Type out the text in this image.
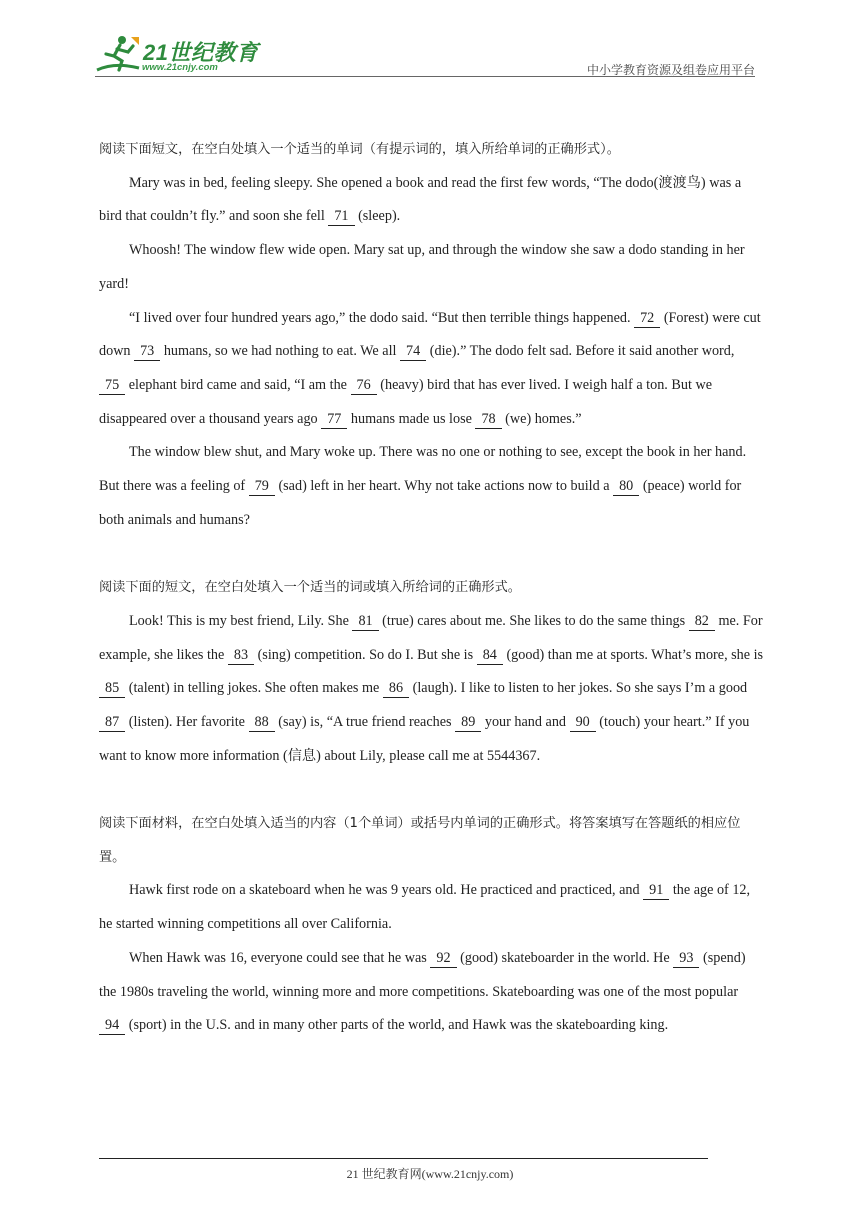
21世纪教育
www.21cnjy.com	中小学教育资源及组卷应用平台

阅读下面短文，在空白处填入一个适当的单词（有提示词的，填入所给单词的正确形式）。

Mary was in bed, feeling sleepy. She opened a book and read the first few words, “The dodo(渡渡鸟) was a bird that couldn’t fly.” and soon she fell 71 (sleep).

Whoosh! The window flew wide open. Mary sat up, and through the window she saw a dodo standing in her yard!

“I lived over four hundred years ago,” the dodo said. “But then terrible things happened. 72 (Forest) were cut down 73 humans, so we had nothing to eat. We all 74 (die).” The dodo felt sad. Before it said another word, 75 elephant bird came and said, “I am the 76 (heavy) bird that has ever lived. I weigh half a ton. But we disappeared over a thousand years ago 77 humans made us lose 78 (we) homes.”

The window blew shut, and Mary woke up. There was no one or nothing to see, except the book in her hand. But there was a feeling of 79 (sad) left in her heart. Why not take actions now to build a 80 (peace) world for both animals and humans?

阅读下面的短文，在空白处填入一个适当的词或填入所给词的正确形式。

Look! This is my best friend, Lily. She 81 (true) cares about me. She likes to do the same things 82 me. For example, she likes the 83 (sing) competition. So do I. But she is 84 (good) than me at sports. What’s more, she is 85 (talent) in telling jokes. She often makes me 86 (laugh). I like to listen to her jokes. So she says I’m a good 87 (listen). Her favorite 88 (say) is, “A true friend reaches 89 your hand and 90 (touch) your heart.” If you want to know more information (信息) about Lily, please call me at 5544367.

阅读下面材料，在空白处填入适当的内容（1个单词）或括号内单词的正确形式。将答案填写在答题纸的相应位置。

Hawk first rode on a skateboard when he was 9 years old. He practiced and practiced, and 91 the age of 12, he started winning competitions all over California.

When Hawk was 16, everyone could see that he was 92 (good) skateboarder in the world. He 93 (spend) the 1980s traveling the world, winning more and more competitions. Skateboarding was one of the most popular 94 (sport) in the U.S. and in many other parts of the world, and Hawk was the skateboarding king.

21 世纪教育网(www.21cnjy.com)
